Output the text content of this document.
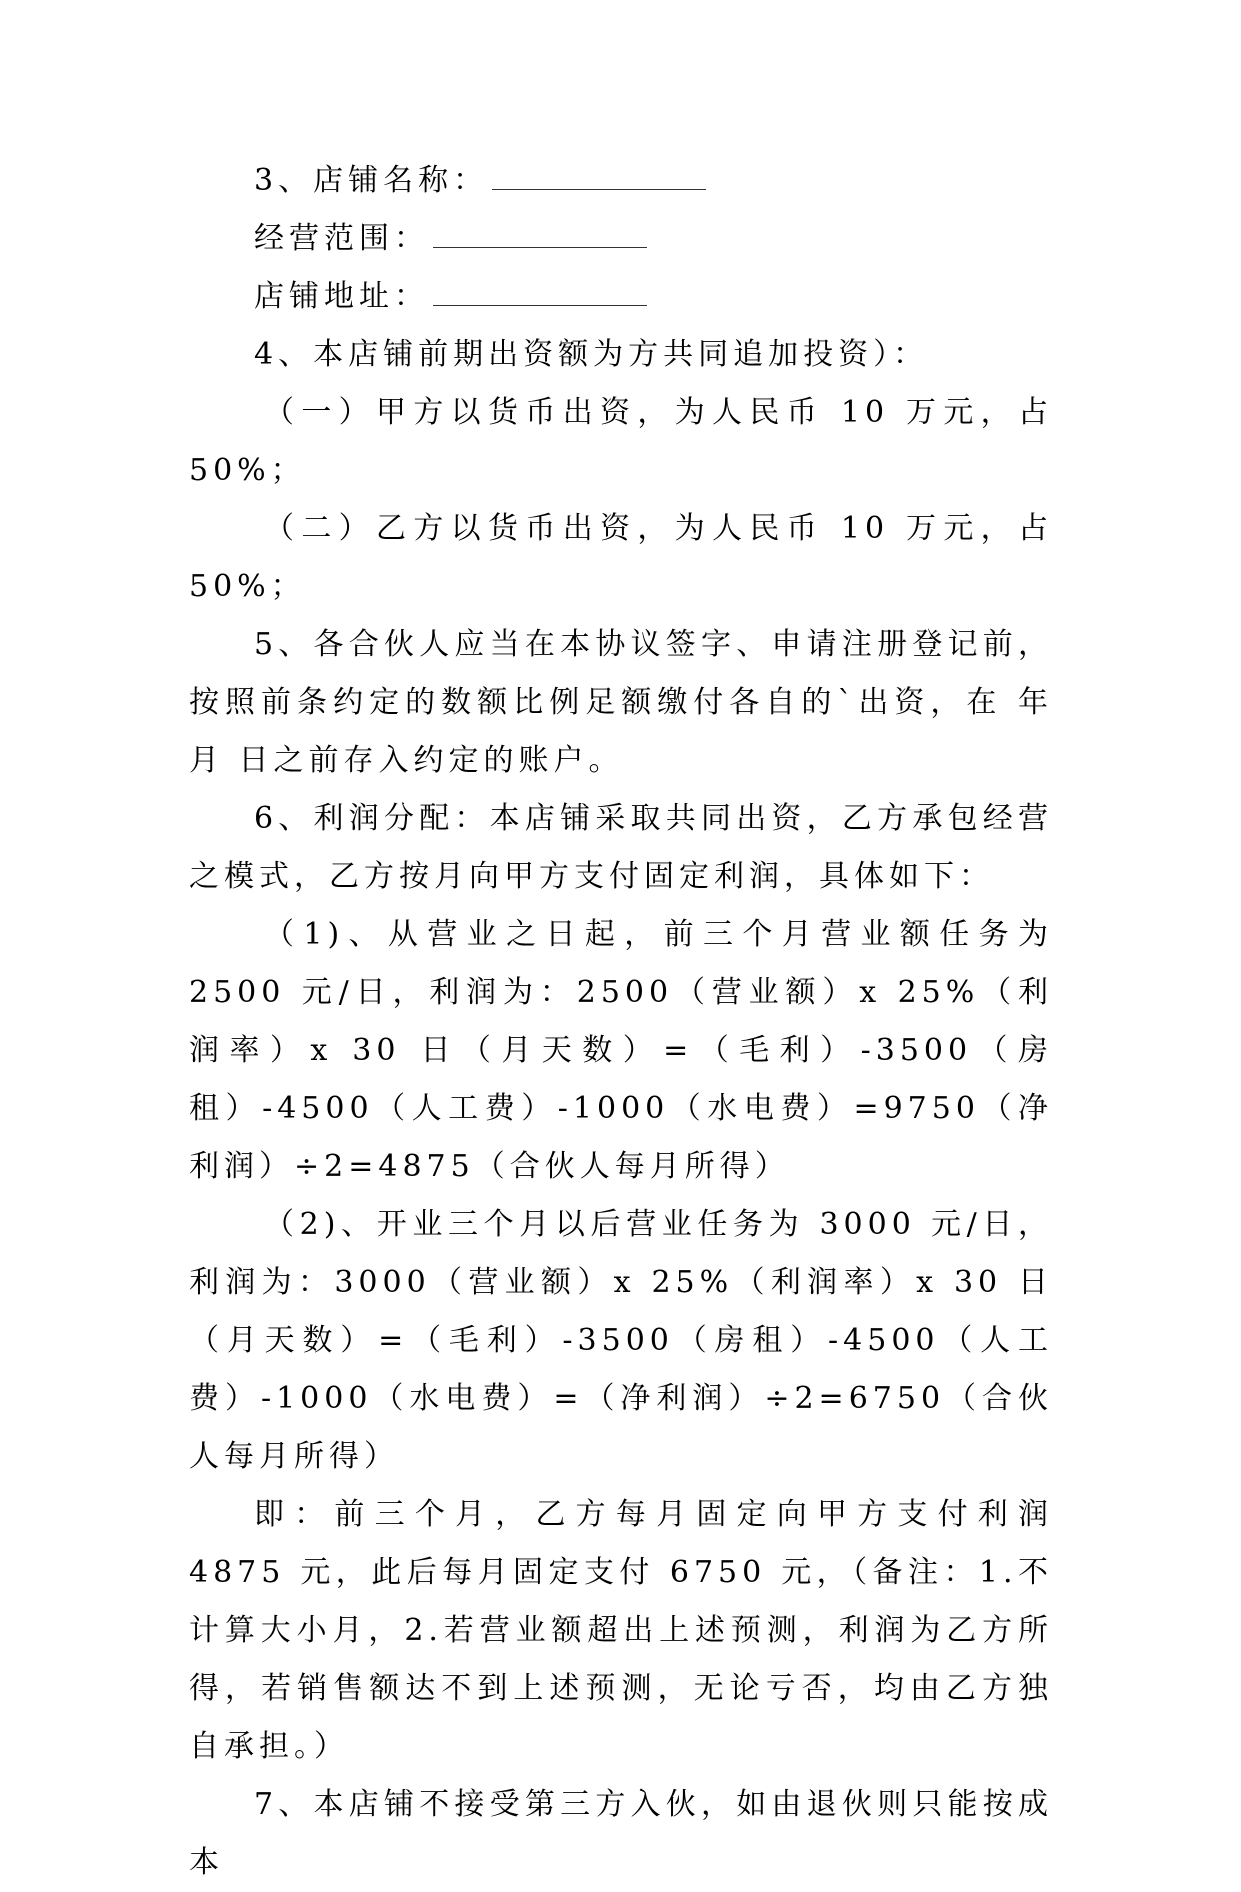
3、店铺名称：

经营范围：

店铺地址：

4、本店铺前期出资额为方共同追加投资）：

（一）甲方以货币出资，为人民币 10 万元，占 50%；

（二）乙方以货币出资，为人民币 10 万元，占 50%；

5、各合伙人应当在本协议签字、申请注册登记前，按照前条约定的数额比例足额缴付各自的`出资，在 年 月 日之前存入约定的账户。

6、利润分配：本店铺采取共同出资，乙方承包经营之模式，乙方按月向甲方支付固定利润，具体如下：

（1)、从营业之日起，前三个月营业额任务为 2500 元/日，利润为：2500（营业额）x 25%（利润率）x 30 日（月天数）=（毛利）-3500（房租）-4500（人工费）-1000（水电费）=9750（净利润）÷2=4875（合伙人每月所得）

（2)、开业三个月以后营业任务为 3000 元/日，利润为：3000（营业额）x 25%（利润率）x 30 日（月天数）=（毛利）-3500（房租）-4500（人工费）-1000（水电费）=（净利润）÷2=6750（合伙人每月所得）

即：前三个月，乙方每月固定向甲方支付利润 4875 元，此后每月固定支付 6750 元，（备注：1.不计算大小月，2.若营业额超出上述预测，利润为乙方所得，若销售额达不到上述预测，无论亏否，均由乙方独自承担。）

7、本店铺不接受第三方入伙，如由退伙则只能按成本
